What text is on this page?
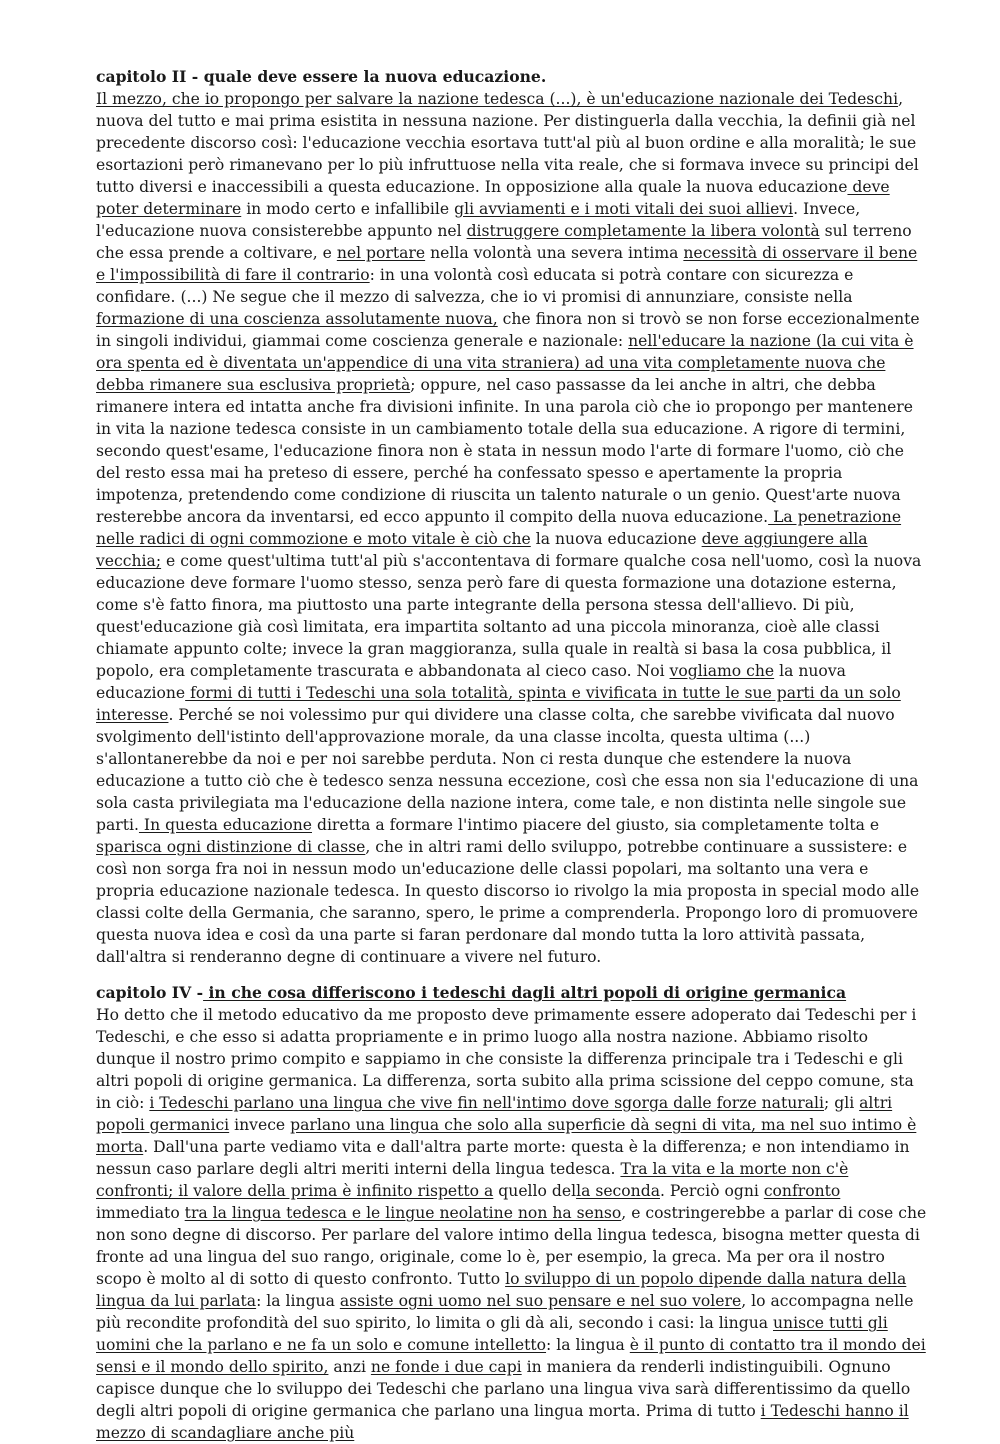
capitolo II - quale deve essere la nuova educazione.

Il mezzo, che io propongo per salvare la nazione tedesca (...), è un'educazione nazionale dei Tedeschi, nuova del tutto e mai prima esistita in nessuna nazione. Per distinguerla dalla vecchia, la definii già nel precedente discorso così: l'educazione vecchia esortava tutt'al più al buon ordine e alla moralità; le sue esortazioni però rimanevano per lo più infruttuose nella vita reale, che si formava invece su principi del tutto diversi e inaccessibili a questa educazione. In opposizione alla quale la nuova educazione deve poter determinare in modo certo e infallibile gli avviamenti e i moti vitali dei suoi allievi. Invece, l'educazione nuova consisterebbe appunto nel distruggere completamente la libera volontà sul terreno che essa prende a coltivare, e nel portare nella volontà una severa intima necessità di osservare il bene e l'impossibilità di fare il contrario: in una volontà così educata si potrà contare con sicurezza e confidare. (...) Ne segue che il mezzo di salvezza, che io vi promisi di annunziare, consiste nella formazione di una coscienza assolutamente nuova, che finora non si trovò se non forse eccezionalmente in singoli individui, giammai come coscienza generale e nazionale: nell'educare la nazione (la cui vita è ora spenta ed è diventata un'appendice di una vita straniera) ad una vita completamente nuova che debba rimanere sua esclusiva proprietà; oppure, nel caso passasse da lei anche in altri, che debba rimanere intera ed intatta anche fra divisioni infinite. In una parola ciò che io propongo per mantenere in vita la nazione tedesca consiste in un cambiamento totale della sua educazione. A rigore di termini, secondo quest'esame, l'educazione finora non è stata in nessun modo l'arte di formare l'uomo, ciò che del resto essa mai ha preteso di essere, perché ha confessato spesso e apertamente la propria impotenza, pretendendo come condizione di riuscita un talento naturale o un genio. Quest'arte nuova resterebbe ancora da inventarsi, ed ecco appunto il compito della nuova educazione. La penetrazione nelle radici di ogni commozione e moto vitale è ciò che la nuova educazione deve aggiungere alla vecchia; e come quest'ultima tutt'al più s'accontentava di formare qualche cosa nell'uomo, così la nuova educazione deve formare l'uomo stesso, senza però fare di questa formazione una dotazione esterna, come s'è fatto finora, ma piuttosto una parte integrante della persona stessa dell'allievo. Di più, quest'educazione già così limitata, era impartita soltanto ad una piccola minoranza, cioè alle classi chiamate appunto colte; invece la gran maggioranza, sulla quale in realtà si basa la cosa pubblica, il popolo, era completamente trascurata e abbandonata al cieco caso. Noi vogliamo che la nuova educazione formi di tutti i Tedeschi una sola totalità, spinta e vivificata in tutte le sue parti da un solo interesse. Perché se noi volessimo pur qui dividere una classe colta, che sarebbe vivificata dal nuovo svolgimento dell'istinto dell'approvazione morale, da una classe incolta, questa ultima (...) s'allontanerebbe da noi e per noi sarebbe perduta. Non ci resta dunque che estendere la nuova educazione a tutto ciò che è tedesco senza nessuna eccezione, così che essa non sia l'educazione di una sola casta privilegiata ma l'educazione della nazione intera, come tale, e non distinta nelle singole sue parti. In questa educazione diretta a formare l'intimo piacere del giusto, sia completamente tolta e sparisca ogni distinzione di classe, che in altri rami dello sviluppo, potrebbe continuare a sussistere: e così non sorga fra noi in nessun modo un'educazione delle classi popolari, ma soltanto una vera e propria educazione nazionale tedesca. In questo discorso io rivolgo la mia proposta in special modo alle classi colte della Germania, che saranno, spero, le prime a comprenderla. Propongo loro di promuovere questa nuova idea e così da una parte si faran perdonare dal mondo tutta la loro attività passata, dall'altra si renderanno degne di continuare a vivere nel futuro.

capitolo IV - in che cosa differiscono i tedeschi dagli altri popoli di origine germanica

Ho detto che il metodo educativo da me proposto deve primamente essere adoperato dai Tedeschi per i Tedeschi, e che esso si adatta propriamente e in primo luogo alla nostra nazione. Abbiamo risolto dunque il nostro primo compito e sappiamo in che consiste la differenza principale tra i Tedeschi e gli altri popoli di origine germanica. La differenza, sorta subito alla prima scissione del ceppo comune, sta in ciò: i Tedeschi parlano una lingua che vive fin nell'intimo dove sgorga dalle forze naturali; gli altri popoli germanici invece parlano una lingua che solo alla superficie dà segni di vita, ma nel suo intimo è morta. Dall'una parte vediamo vita e dall'altra parte morte: questa è la differenza; e non intendiamo in nessun caso parlare degli altri meriti interni della lingua tedesca. Tra la vita e la morte non c'è confronti; il valore della prima è infinito rispetto a quello della seconda. Perciò ogni confronto immediato tra la lingua tedesca e le lingue neolatine non ha senso, e costringerebbe a parlar di cose che non sono degne di discorso. Per parlare del valore intimo della lingua tedesca, bisogna metter questa di fronte ad una lingua del suo rango, originale, come lo è, per esempio, la greca. Ma per ora il nostro scopo è molto al di sotto di questo confronto. Tutto lo sviluppo di un popolo dipende dalla natura della lingua da lui parlata: la lingua assiste ogni uomo nel suo pensare e nel suo volere, lo accompagna nelle più recondite profondità del suo spirito, lo limita o gli dà ali, secondo i casi: la lingua unisce tutti gli uomini che la parlano e ne fa un solo e comune intelletto: la lingua è il punto di contatto tra il mondo dei sensi e il mondo dello spirito, anzi ne fonde i due capi in maniera da renderli indistinguibili. Ognuno capisce dunque che lo sviluppo dei Tedeschi che parlano una lingua viva sarà differentissimo da quello degli altri popoli di origine germanica che parlano una lingua morta. Prima di tutto i Tedeschi hanno il mezzo di scandagliare anche più
